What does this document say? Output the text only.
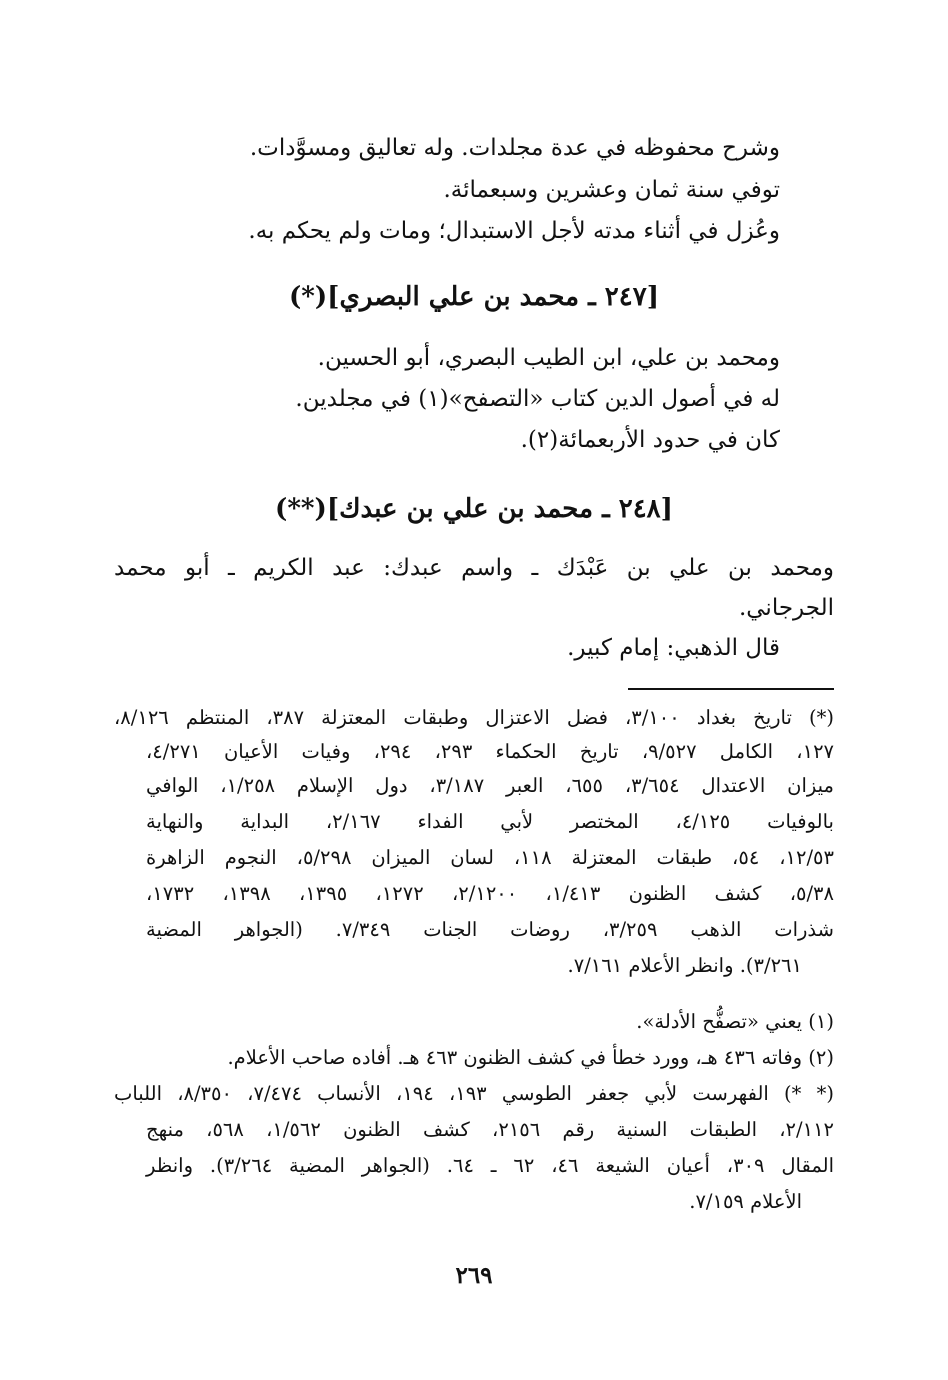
وشرح محفوظه في عدة مجلدات. وله تعاليق ومسوَّدات.
توفي سنة ثمان وعشرين وسبعمائة.
وعُزل في أثناء مدته لأجل الاستبدال؛ ومات ولم يحكم به.
[٢٤٧ ـ محمد بن علي البصري](*)
ومحمد بن علي، ابن الطيب البصري، أبو الحسين.
له في أصول الدين كتاب «التصفح»(١) في مجلدين.
كان في حدود الأربعمائة(٢).
[٢٤٨ ـ محمد بن علي بن عبدك](**)
ومحمد بن علي بن عَبْدَك ـ واسم عبدك: عبد الكريم ـ أبو محمد
الجرجاني.
قال الذهبي: إمام كبير.
(*) تاريخ بغداد ٣/١٠٠، فضل الاعتزال وطبقات المعتزلة ٣٨٧، المنتظم ٨/١٢٦،
١٢٧، الكامل ٩/٥٢٧، تاريخ الحكماء ٢٩٣، ٢٩٤، وفيات الأعيان ٤/٢٧١،
ميزان الاعتدال ٣/٦٥٤، ٦٥٥، العبر ٣/١٨٧، دول الإسلام ١/٢٥٨، الوافي
بالوفيات ٤/١٢٥، المختصر لأبي الفداء ٢/١٦٧، البداية والنهاية
١٢/٥٣، ٥٤، طبقات المعتزلة ١١٨، لسان الميزان ٥/٢٩٨، النجوم الزاهرة
٥/٣٨، كشف الظنون ١/٤١٣، ٢/١٢٠٠، ١٢٧٢، ١٣٩٥، ١٣٩٨، ١٧٣٢،
شذرات الذهب ٣/٢٥٩، روضات الجنات ٧/٣٤٩. (الجواهر المضية
٣/٢٦١). وانظر الأعلام ٧/١٦١.
(١) يعني «تصفُّح الأدلة».
(٢) وفاته ٤٣٦ هـ، وورد خطأ في كشف الظنون ٤٦٣ هـ. أفاده صاحب الأعلام.
(* *) الفهرست لأبي جعفر الطوسي ١٩٣، ١٩٤، الأنساب ٧/٤٧٤، ٨/٣٥٠، اللباب
٢/١١٢، الطبقات السنية رقم ٢١٥٦، كشف الظنون ١/٥٦٢، ٥٦٨، منهج
المقال ٣٠٩، أعيان الشيعة ٤٦، ٦٢ ـ ٦٤. (الجواهر المضية ٣/٢٦٤). وانظر
الأعلام ٧/١٥٩.
٢٦٩
